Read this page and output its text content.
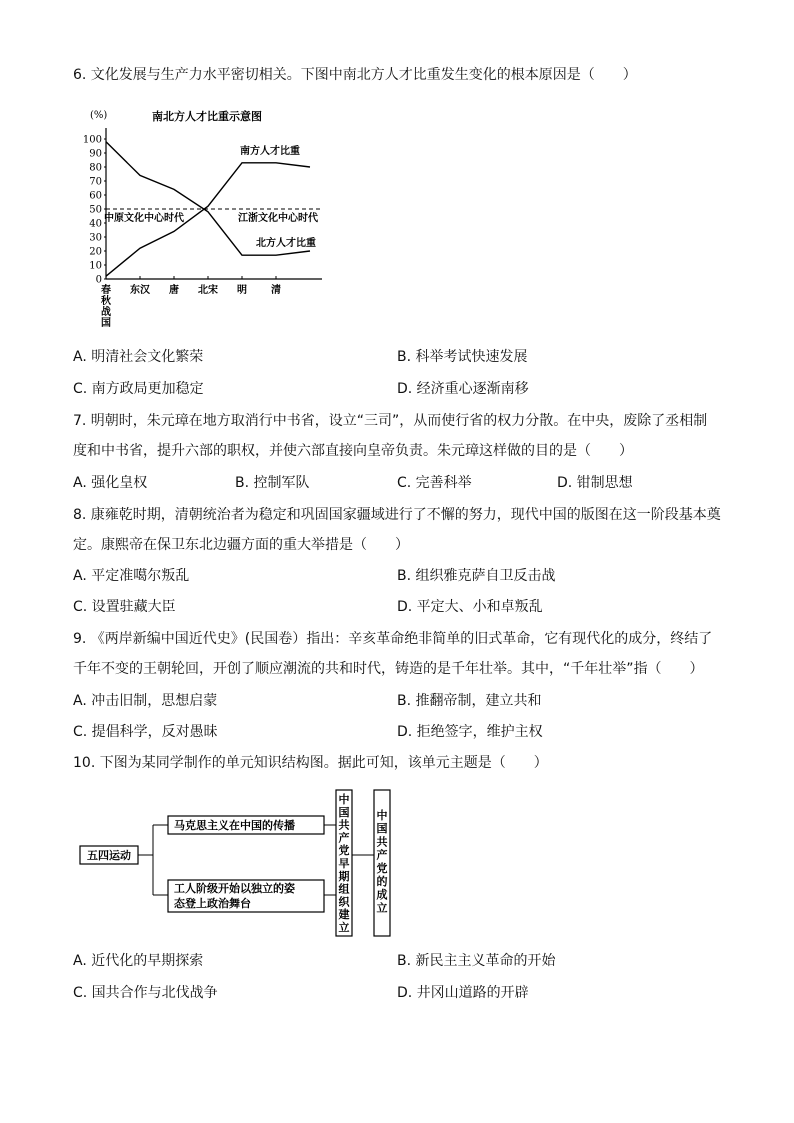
6. 文化发展与生产力水平密切相关。下图中南北方人才比重发生变化的根本原因是（　　）
(%)	南北方人才比重示意图
0
10
20
30
40
50
60
70
80
90
100
春秋战国
东汉 唐 北宋 明 清
南方人才比重
北方人才比重
中原文化中心时代	江浙文化中心时代
A. 明清社会文化繁荣	B. 科举考试快速发展
C. 南方政局更加稳定	D. 经济重心逐渐南移
7. 明朝时，朱元璋在地方取消行中书省，设立“三司”，从而使行省的权力分散。在中央，废除了丞相制
度和中书省，提升六部的职权，并使六部直接向皇帝负责。朱元璋这样做的目的是（　　）
A. 强化皇权	B. 控制军队	C. 完善科举	D. 钳制思想
8. 康雍乾时期，清朝统治者为稳定和巩固国家疆域进行了不懈的努力，现代中国的版图在这一阶段基本奠
定。康熙帝在保卫东北边疆方面的重大举措是（　　）
A. 平定准噶尔叛乱	B. 组织雅克萨自卫反击战
C. 设置驻藏大臣	D. 平定大、小和卓叛乱
9. 《两岸新编中国近代史》(民国卷）指出：辛亥革命绝非简单的旧式革命，它有现代化的成分，终结了
千年不变的王朝轮回，开创了顺应潮流的共和时代，铸造的是千年壮举。其中，“千年壮举”指（　　）
A. 冲击旧制，思想启蒙	B. 推翻帝制，建立共和
C. 提倡科学，反对愚昧	D. 拒绝签字，维护主权
10. 下图为某同学制作的单元知识结构图。据此可知，该单元主题是（　　）
五四运动
马克思主义在中国的传播
工人阶级开始以独立的姿
态登上政治舞台
中国共产党早期组织建立
中国共产党的成立
A. 近代化的早期探索	B. 新民主主义革命的开始
C. 国共合作与北伐战争	D. 井冈山道路的开辟
